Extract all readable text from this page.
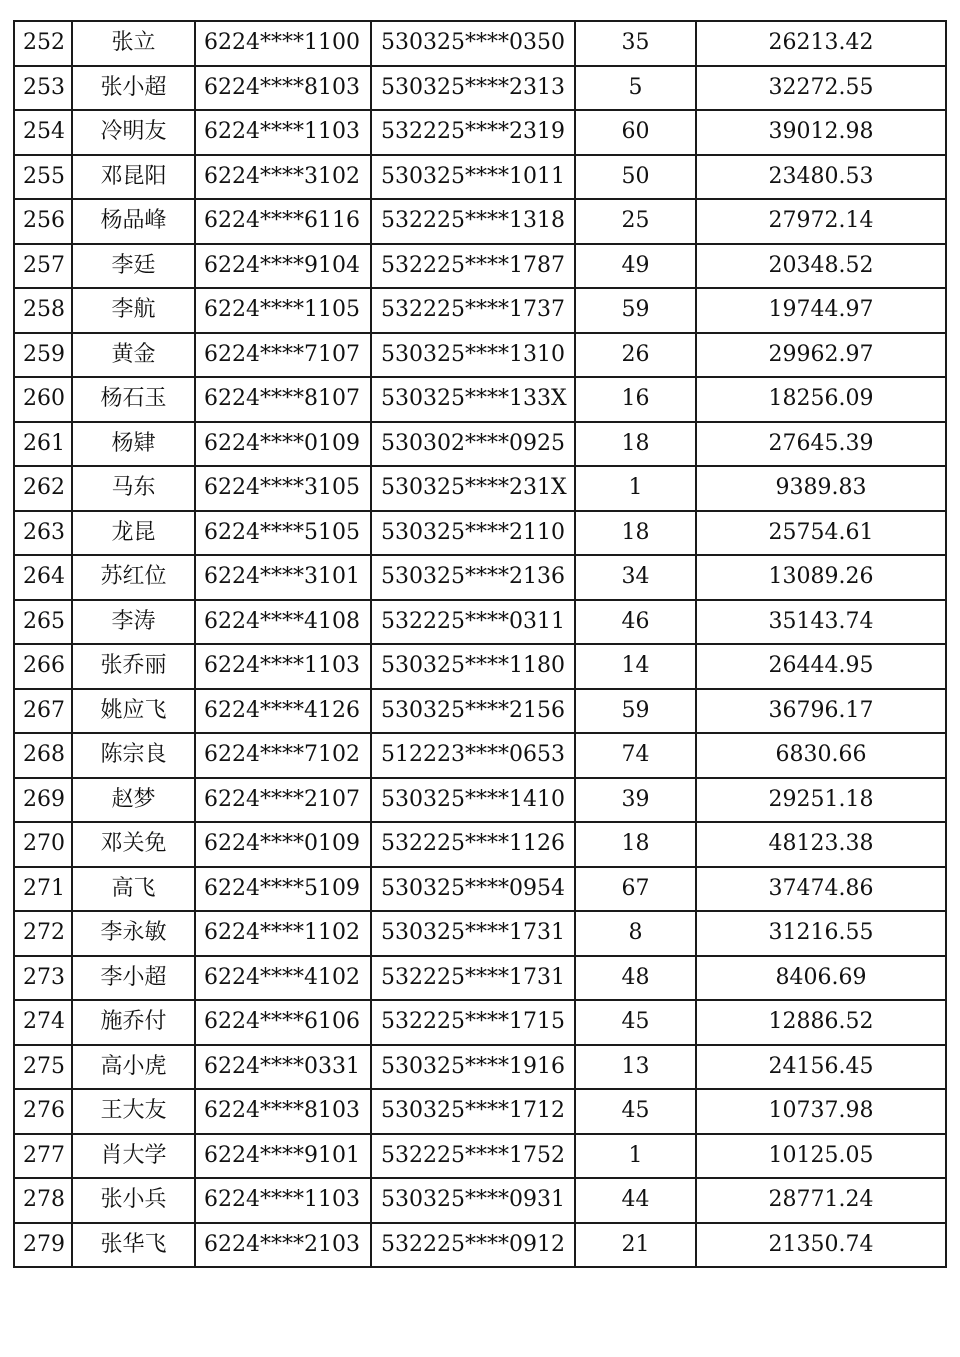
252	张立	6224****1100	530325****0350	35	26213.42
253	张小超	6224****8103	530325****2313	5	32272.55
254	冷明友	6224****1103	532225****2319	60	39012.98
255	邓昆阳	6224****3102	530325****1011	50	23480.53
256	杨品峰	6224****6116	532225****1318	25	27972.14
257	李廷	6224****9104	532225****1787	49	20348.52
258	李航	6224****1105	532225****1737	59	19744.97
259	黄金	6224****7107	530325****1310	26	29962.97
260	杨石玉	6224****8107	530325****133X	16	18256.09
261	杨肄	6224****0109	530302****0925	18	27645.39
262	马东	6224****3105	530325****231X	1	9389.83
263	龙昆	6224****5105	530325****2110	18	25754.61
264	苏红位	6224****3101	530325****2136	34	13089.26
265	李涛	6224****4108	532225****0311	46	35143.74
266	张乔丽	6224****1103	530325****1180	14	26444.95
267	姚应飞	6224****4126	530325****2156	59	36796.17
268	陈宗良	6224****7102	512223****0653	74	6830.66
269	赵梦	6224****2107	530325****1410	39	29251.18
270	邓关免	6224****0109	532225****1126	18	48123.38
271	高飞	6224****5109	530325****0954	67	37474.86
272	李永敏	6224****1102	530325****1731	8	31216.55
273	李小超	6224****4102	532225****1731	48	8406.69
274	施乔付	6224****6106	532225****1715	45	12886.52
275	高小虎	6224****0331	530325****1916	13	24156.45
276	王大友	6224****8103	530325****1712	45	10737.98
277	肖大学	6224****9101	532225****1752	1	10125.05
278	张小兵	6224****1103	530325****0931	44	28771.24
279	张华飞	6224****2103	532225****0912	21	21350.74
